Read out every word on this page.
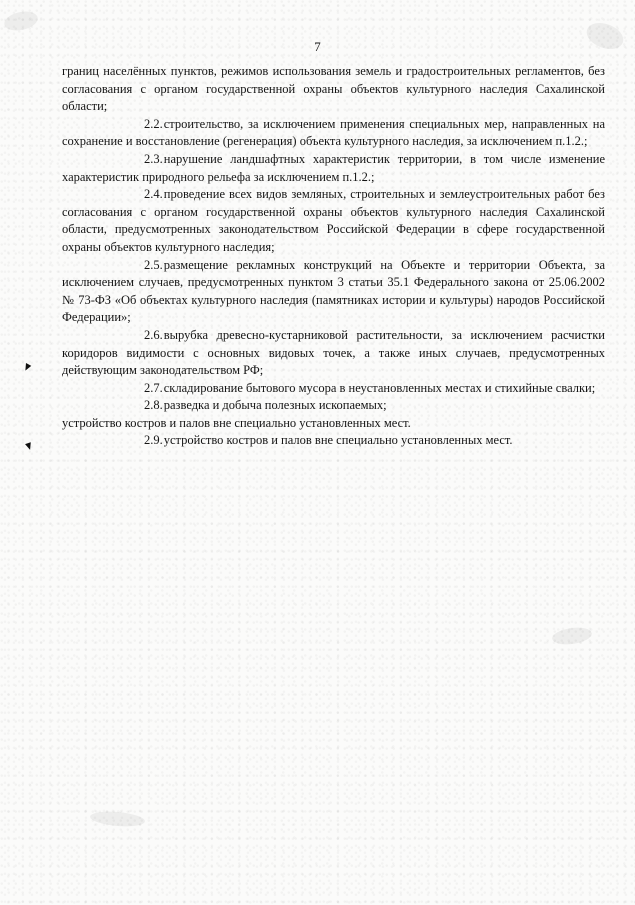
7

границ населённых пунктов, режимов использования земель и градостроительных регламентов, без согласования с органом государственной охраны объектов культурного наследия Сахалинской области;

2.2.строительство, за исключением применения специальных мер, направленных на сохранение и восстановление (регенерация) объекта культурного наследия, за исключением п.1.2.;

2.3.нарушение ландшафтных характеристик территории, в том числе изменение характеристик природного рельефа за исключением п.1.2.;

2.4.проведение всех видов земляных, строительных и землеустроительных работ без согласования с органом государственной охраны объектов культурного наследия Сахалинской области, предусмотренных законодательством Российской Федерации в сфере государственной охраны объектов культурного наследия;

2.5.размещение рекламных конструкций на Объекте и территории Объекта, за исключением случаев, предусмотренных пунктом 3 статьи 35.1 Федерального закона от 25.06.2002 № 73-ФЗ «Об объектах культурного наследия (памятниках истории и культуры) народов Российской Федерации»;

2.6.вырубка древесно-кустарниковой растительности, за исключением расчистки коридоров видимости с основных видовых точек, а также иных случаев, предусмотренных действующим законодательством РФ;

2.7.складирование бытового мусора в неустановленных местах и стихийные свалки;

2.8.разведка и добыча полезных ископаемых;

устройство костров и палов вне специально установленных мест.

2.9.устройство костров и палов вне специально установленных мест.
